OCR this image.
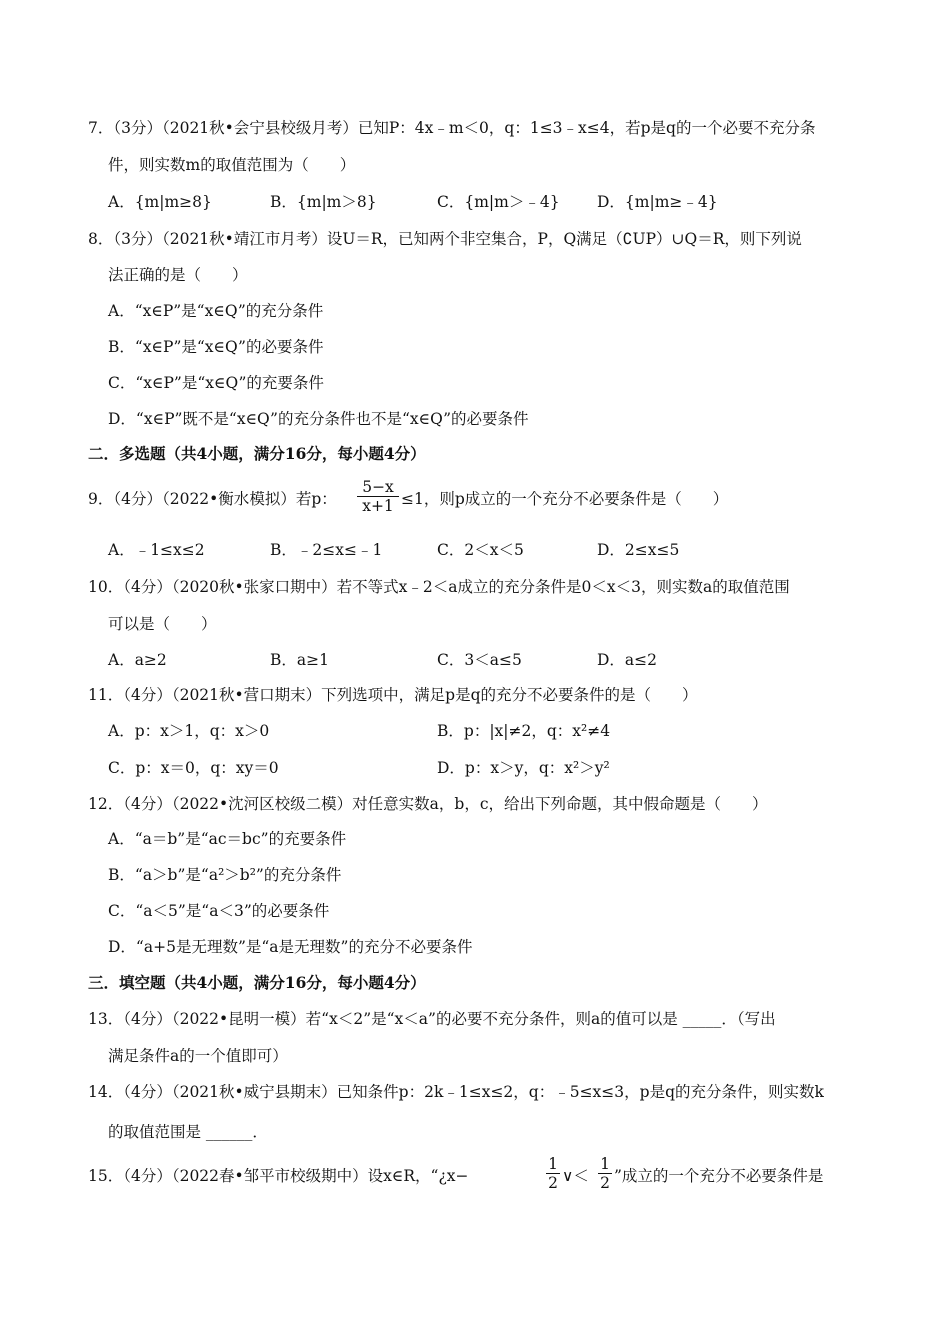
7．（3分）（2021秋•会宁县校级月考）已知P：4x﹣m＜0，q：1≤3﹣x≤4，若p是q的一个必要不充分条
件，则实数m的取值范围为（　　）
A．{m|m≥8}	B．{m|m＞8}	C．{m|m＞﹣4} D．{m|m≥﹣4}
8．（3分）（2021秋•靖江市月考）设U＝R，已知两个非空集合，P，Q满足（∁UP）∪Q＝R，则下列说
法正确的是（　　）
A．“x∈P”是“x∈Q”的充分条件
B．“x∈P”是“x∈Q”的必要条件
C．“x∈P”是“x∈Q”的充要条件
D．“x∈P”既不是“x∈Q”的充分条件也不是“x∈Q”的必要条件
二．多选题（共4小题，满分16分，每小题4分）
9．（4分）（2022•衡水模拟）若p： $\frac{5-x}{x+1} \le 1$，则p成立的一个充分不必要条件是（　　）
A．﹣1≤x≤2	B．﹣2≤x≤﹣1	C．2＜x＜5	D．2≤x≤5
10．（4分）（2020秋•张家口期中）若不等式x﹣2＜a成立的充分条件是0＜x＜3，则实数a的取值范围
可以是（　　）
A．a≥2	B．a≥1	C．3＜a≤5	D．a≤2
11．（4分）（2021秋•营口期末）下列选项中，满足p是q的充分不必要条件的是（　　）
A．p：x＞1，q：x＞0	B．p：|x|≠2，q：x²≠4
C．p：x＝0，q：xy＝0	D．p：x＞y，q：x²＞y²
12．（4分）（2022•沈河区校级二模）对任意实数a，b，c，给出下列命题，其中假命题是（　　）
A．“a＝b”是“ac＝bc”的充要条件
B．“a＞b”是“a²＞b²”的充分条件
C．“a＜5”是“a＜3”的必要条件
D．“a+5是无理数”是“a是无理数”的充分不必要条件
三．填空题（共4小题，满分16分，每小题4分）
13．（4分）（2022•昆明一模）若“x＜2”是“x＜a”的必要不充分条件，则a的值可以是 _____．（写出
满足条件a的一个值即可）
14．（4分）（2021秋•威宁县期末）已知条件p：2k﹣1≤x≤2，q：﹣5≤x≤3，p是q的充分条件，则实数k
的取值范围是 ______．
15．（4分）（2022春•邹平市校级期中）设x∈R，“¿x−	$\frac{1}{2}$ ∨＜ $\frac{1}{2}$ ”成立的一个充分不必要条件是
